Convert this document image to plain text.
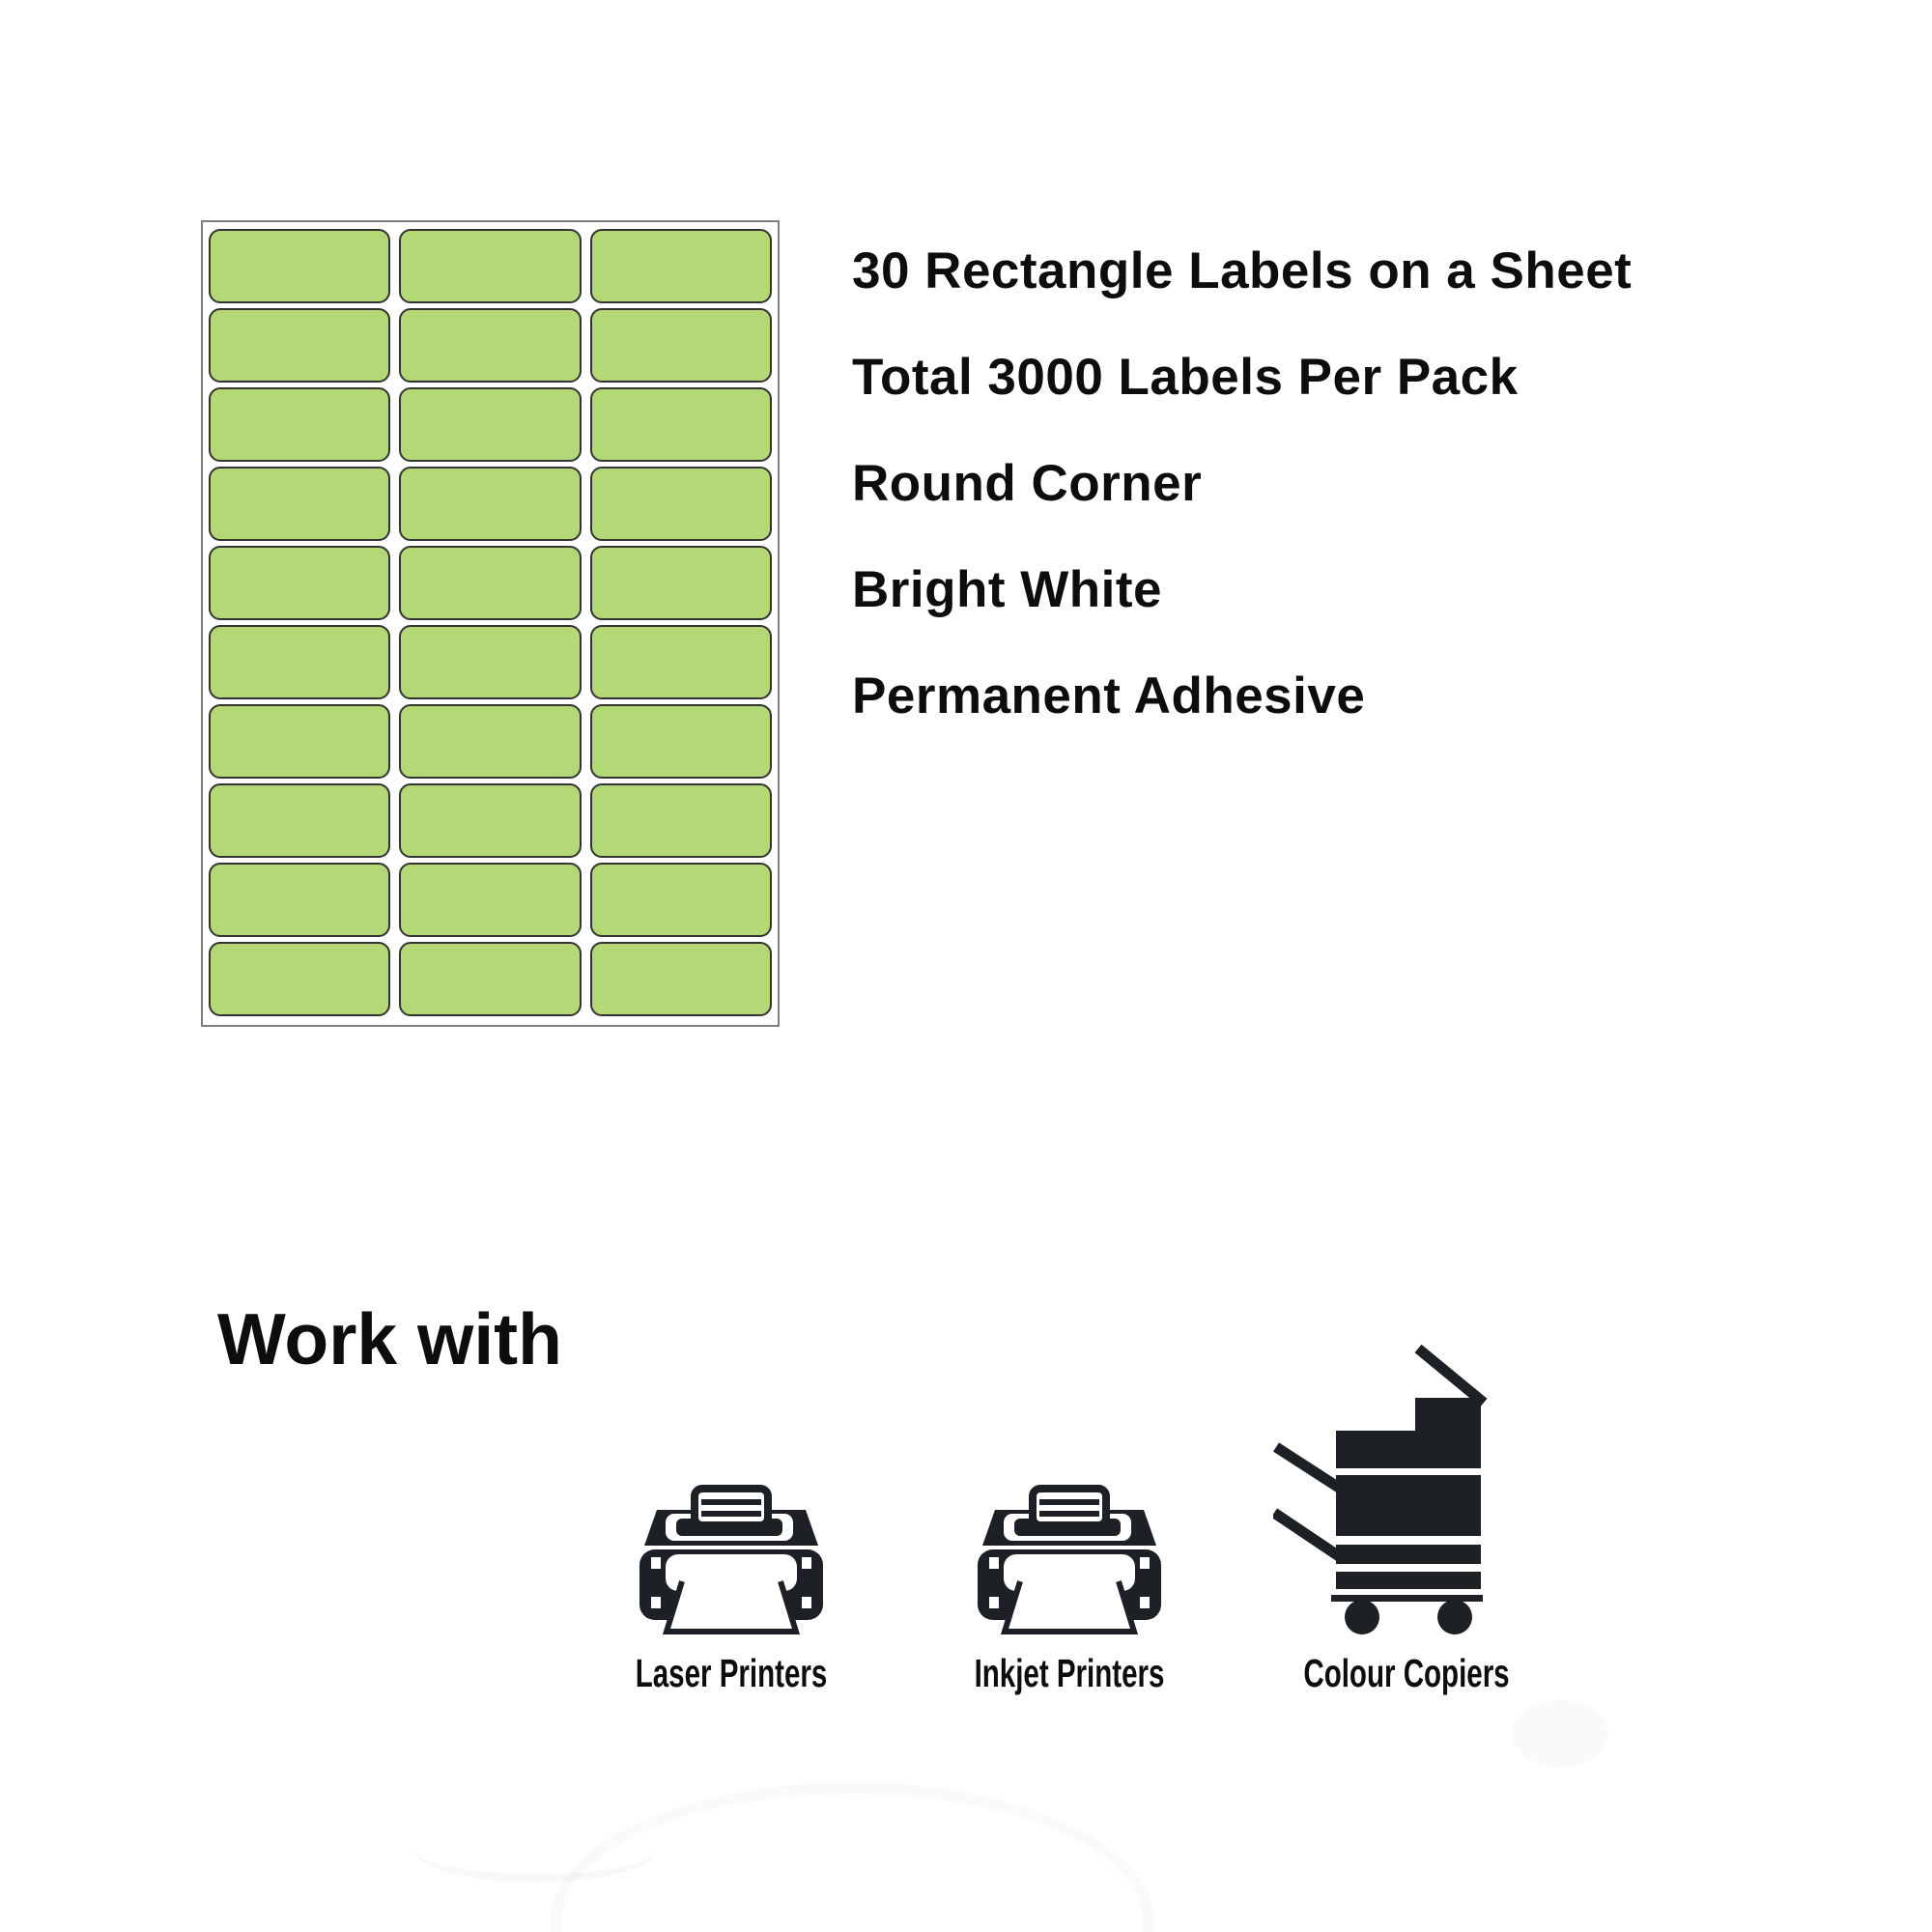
30 Rectangle Labels on a Sheet
Total 3000 Labels Per Pack
Round Corner
Bright White
Permanent Adhesive
Work with
Laser Printers	Inkjet Printers	Colour Copiers
